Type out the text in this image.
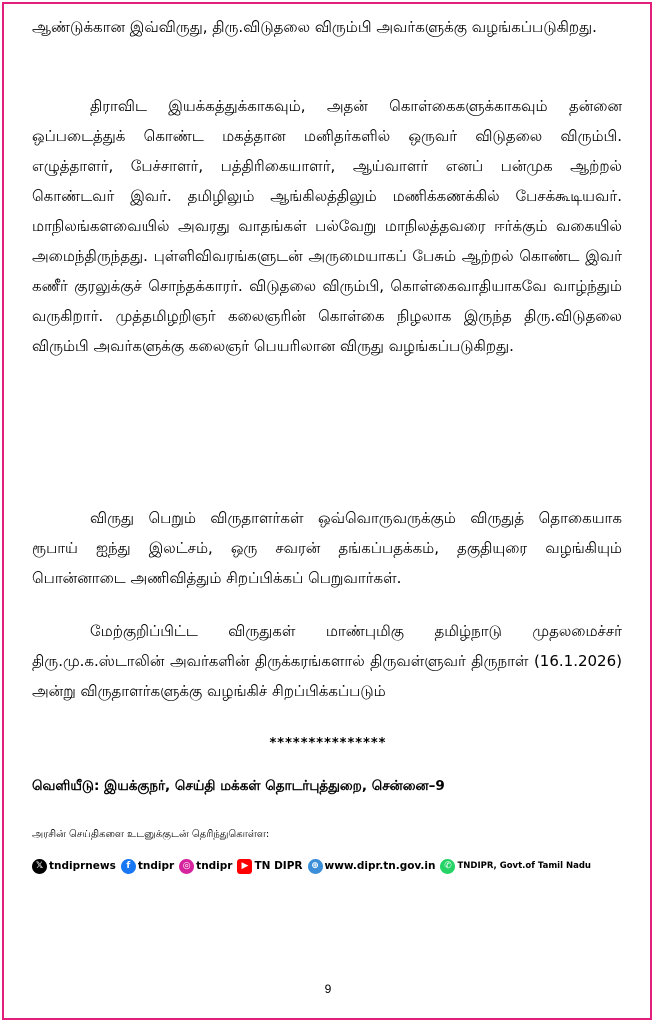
ஆண்டுக்கான இவ்விருது, திரு.விடுதலை விரும்பி அவர்களுக்கு வழங்கப்படுகிறது.
திராவிட இயக்கத்துக்காகவும், அதன் கொள்கைகளுக்காகவும் தன்னை ஒப்படைத்துக் கொண்ட மகத்தான மனிதர்களில் ஒருவர் விடுதலை விரும்பி. எழுத்தாளர், பேச்சாளர், பத்திரிகையாளர், ஆய்வாளர் எனப் பன்முக ஆற்றல் கொண்டவர் இவர். தமிழிலும் ஆங்கிலத்திலும் மணிக்கணக்கில் பேசக்கூடியவர். மாநிலங்களவையில் அவரது வாதங்கள் பல்வேறு மாநிலத்தவரை ஈர்க்கும் வகையில் அமைந்திருந்தது. புள்ளிவிவரங்களுடன் அருமையாகப் பேசும் ஆற்றல் கொண்ட இவர் கணீர் குரலுக்குச் சொந்தக்காரர். விடுதலை விரும்பி, கொள்கைவாதியாகவே வாழ்ந்தும் வருகிறார். முத்தமிழறிஞர் கலைஞரின் கொள்கை நிழலாக இருந்த திரு.விடுதலை விரும்பி அவர்களுக்கு கலைஞர் பெயரிலான விருது வழங்கப்படுகிறது.
விருது பெறும் விருதாளர்கள் ஒவ்வொருவருக்கும் விருதுத் தொகையாக ரூபாய் ஐந்து இலட்சம், ஒரு சவரன் தங்கப்பதக்கம், தகுதியுரை வழங்கியும் பொன்னாடை அணிவித்தும் சிறப்பிக்கப் பெறுவார்கள்.
மேற்குறிப்பிட்ட விருதுகள் மாண்புமிகு தமிழ்நாடு முதலமைச்சர் திரு.மு.க.ஸ்டாலின் அவர்களின் திருக்கரங்களால் திருவள்ளுவர் திருநாள் (16.1.2026) அன்று விருதாளர்களுக்கு வழங்கிச் சிறப்பிக்கப்படும்
***************
வெளியீடு: இயக்குநர், செய்தி மக்கள் தொடர்புத்துறை, சென்னை–9
அரசின் செய்திகளை உடனுக்குடன் தெரிந்துகொள்ள:
𝕏 tndiprnews	f tndipr ◎ tndipr	▶ TN DIPR ⊕ www.dipr.tn.gov.in ✆ TNDIPR, Govt.of Tamil Nadu
9
